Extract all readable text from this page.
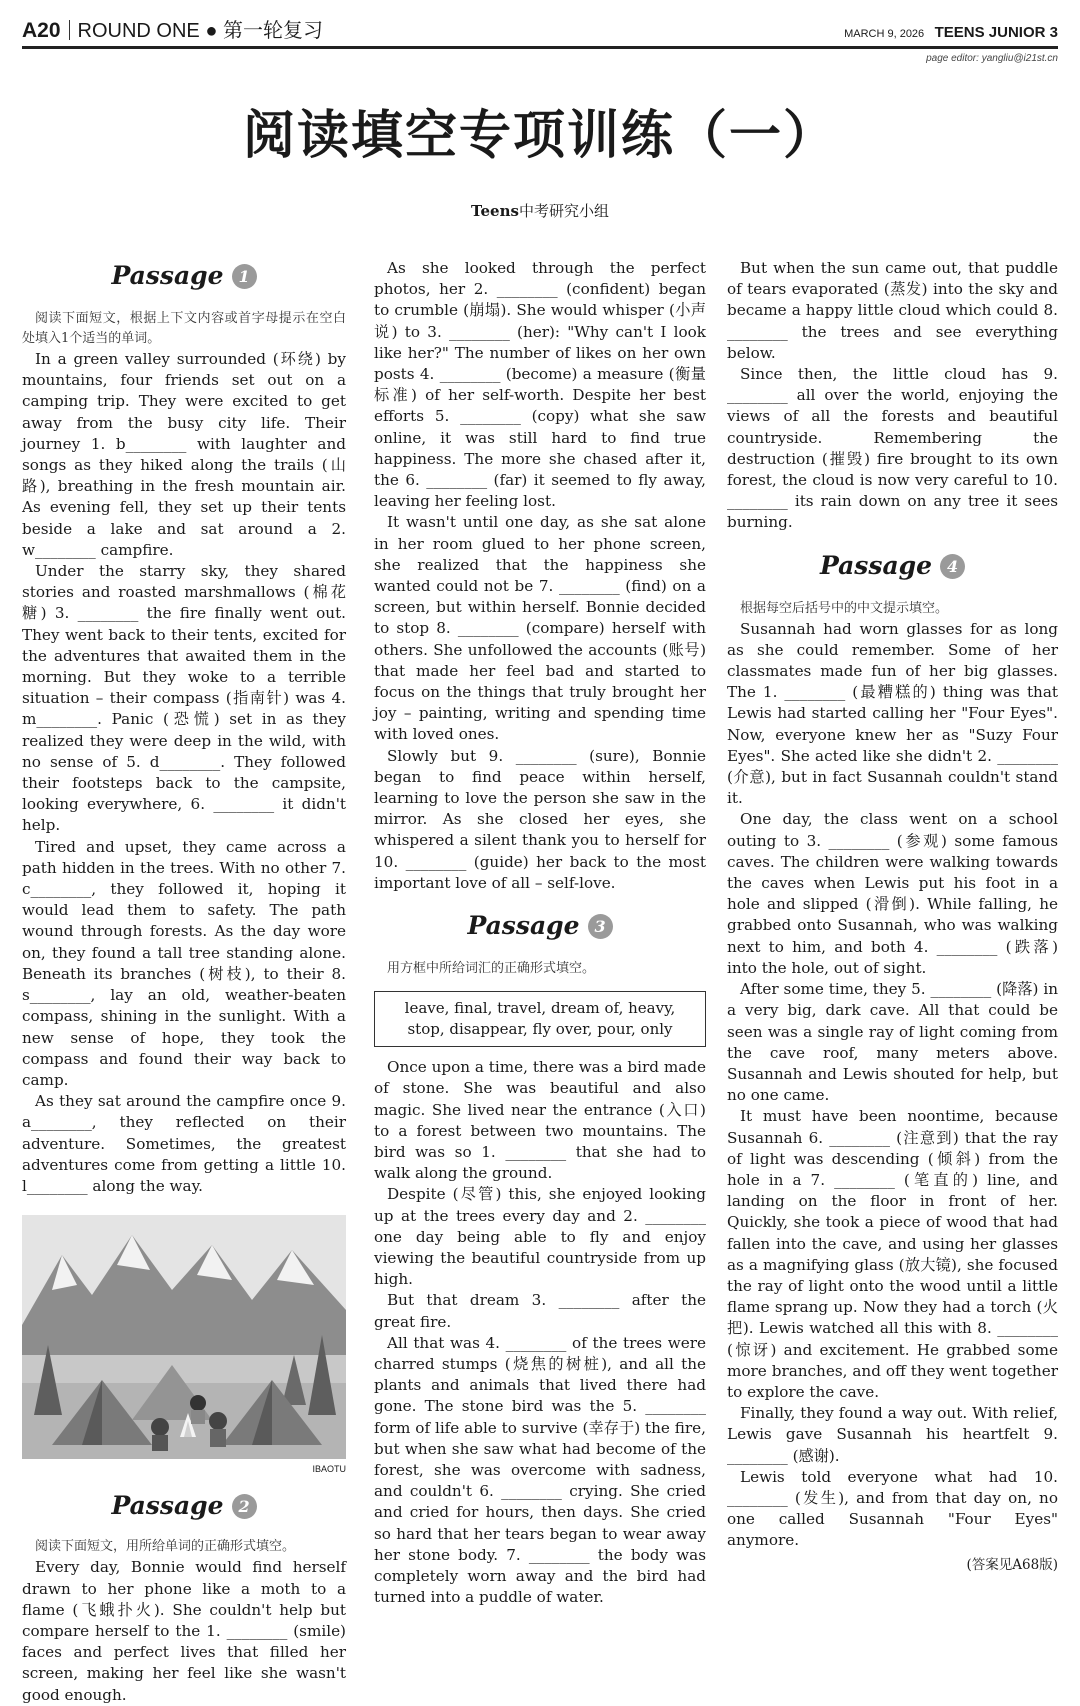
A20 ROUND ONE ● 第一轮复习	MARCH 9, 2026 TEENS JUNIOR 3
page editor: yangliu@i21st.cn
阅读填空专项训练（一）
Teens中考研究小组
Passage 1

阅读下面短文，根据上下文内容或首字母提示在空白处填入1个适当的单词。

In a green valley surrounded (环绕) by mountains, four friends set out on a camping trip. They were excited to get away from the busy city life. Their journey 1. b________ with laughter and songs as they hiked along the trails (山路), breathing in the fresh mountain air. As evening fell, they set up their tents beside a lake and sat around a 2. w________ campfire.

Under the starry sky, they shared stories and roasted marshmallows (棉花糖) 3. ________ the fire finally went out. They went back to their tents, excited for the adventures that awaited them in the morning. But they woke to a terrible situation – their compass (指南针) was 4. m________. Panic (恐慌) set in as they realized they were deep in the wild, with no sense of 5. d________. They followed their footsteps back to the campsite, looking everywhere, 6. ________ it didn't help.

Tired and upset, they came across a path hidden in the trees. With no other 7. c________, they followed it, hoping it would lead them to safety. The path wound through forests. As the day wore on, they found a tall tree standing alone. Beneath its branches (树枝), to their 8. s________, lay an old, weather-beaten compass, shining in the sunlight. With a new sense of hope, they took the compass and found their way back to camp.

As they sat around the campfire once 9. a________, they reflected on their adventure. Sometimes, the greatest adventures come from getting a little 10. l________ along the way.

IBAOTU

Passage 2

阅读下面短文，用所给单词的正确形式填空。

Every day, Bonnie would find herself drawn to her phone like a moth to a flame (飞蛾扑火). She couldn't help but compare herself to the 1. ________ (smile) faces and perfect lives that filled her screen, making her feel like she wasn't good enough.

As she looked through the perfect photos, her 2. ________ (confident) began to crumble (崩塌). She would whisper (小声说) to 3. ________ (her): "Why can't I look like her?" The number of likes on her own posts 4. ________ (become) a measure (衡量标准) of her self-worth. Despite her best efforts 5. ________ (copy) what she saw online, it was still hard to find true happiness. The more she chased after it, the 6. ________ (far) it seemed to fly away, leaving her feeling lost.

It wasn't until one day, as she sat alone in her room glued to her phone screen, she realized that the happiness she wanted could not be 7. ________ (find) on a screen, but within herself. Bonnie decided to stop 8. ________ (compare) herself with others. She unfollowed the accounts (账号) that made her feel bad and started to focus on the things that truly brought her joy – painting, writing and spending time with loved ones.

Slowly but 9. ________ (sure), Bonnie began to find peace within herself, learning to love the person she saw in the mirror. As she closed her eyes, she whispered a silent thank you to herself for 10. ________ (guide) her back to the most important love of all – self-love.

Passage 3

用方框中所给词汇的正确形式填空。

leave, final, travel, dream of, heavy,
stop, disappear, fly over, pour, only

Once upon a time, there was a bird made of stone. She was beautiful and also magic. She lived near the entrance (入口) to a forest between two mountains. The bird was so 1. ________ that she had to walk along the ground.

Despite (尽管) this, she enjoyed looking up at the trees every day and 2. ________ one day being able to fly and enjoy viewing the beautiful countryside from up high.

But that dream 3. ________ after the great fire.

All that was 4. ________ of the trees were charred stumps (烧焦的树桩), and all the plants and animals that lived there had gone. The stone bird was the 5. ________ form of life able to survive (幸存于) the fire, but when she saw what had become of the forest, she was overcome with sadness, and couldn't 6. ________ crying. She cried and cried for hours, then days. She cried so hard that her tears began to wear away her stone body. 7. ________ the body was completely worn away and the bird had turned into a puddle of water.

But when the sun came out, that puddle of tears evaporated (蒸发) into the sky and became a happy little cloud which could 8. ________ the trees and see everything below.

Since then, the little cloud has 9. ________ all over the world, enjoying the views of all the forests and beautiful countryside. Remembering the destruction (摧毁) fire brought to its own forest, the cloud is now very careful to 10. ________ its rain down on any tree it sees burning.

Passage 4

根据每空后括号中的中文提示填空。

Susannah had worn glasses for as long as she could remember. Some of her classmates made fun of her big glasses. The 1. ________ (最糟糕的) thing was that Lewis had started calling her "Four Eyes". Now, everyone knew her as "Suzy Four Eyes". She acted like she didn't 2. ________ (介意), but in fact Susannah couldn't stand it.

One day, the class went on a school outing to 3. ________ (参观) some famous caves. The children were walking towards the caves when Lewis put his foot in a hole and slipped (滑倒). While falling, he grabbed onto Susannah, who was walking next to him, and both 4. ________ (跌落) into the hole, out of sight.

After some time, they 5. ________ (降落) in a very big, dark cave. All that could be seen was a single ray of light coming from the cave roof, many meters above. Susannah and Lewis shouted for help, but no one came.

It must have been noontime, because Susannah 6. ________ (注意到) that the ray of light was descending (倾斜) from the hole in a 7. ________ (笔直的) line, and landing on the floor in front of her. Quickly, she took a piece of wood that had fallen into the cave, and using her glasses as a magnifying glass (放大镜), she focused the ray of light onto the wood until a little flame sprang up. Now they had a torch (火把). Lewis watched all this with 8. ________ (惊讶) and excitement. He grabbed some more branches, and off they went together to explore the cave.

Finally, they found a way out. With relief, Lewis gave Susannah his heartfelt 9. ________ (感谢).

Lewis told everyone what had 10. ________ (发生), and from that day on, no one called Susannah "Four Eyes" anymore.

(答案见A68版)
